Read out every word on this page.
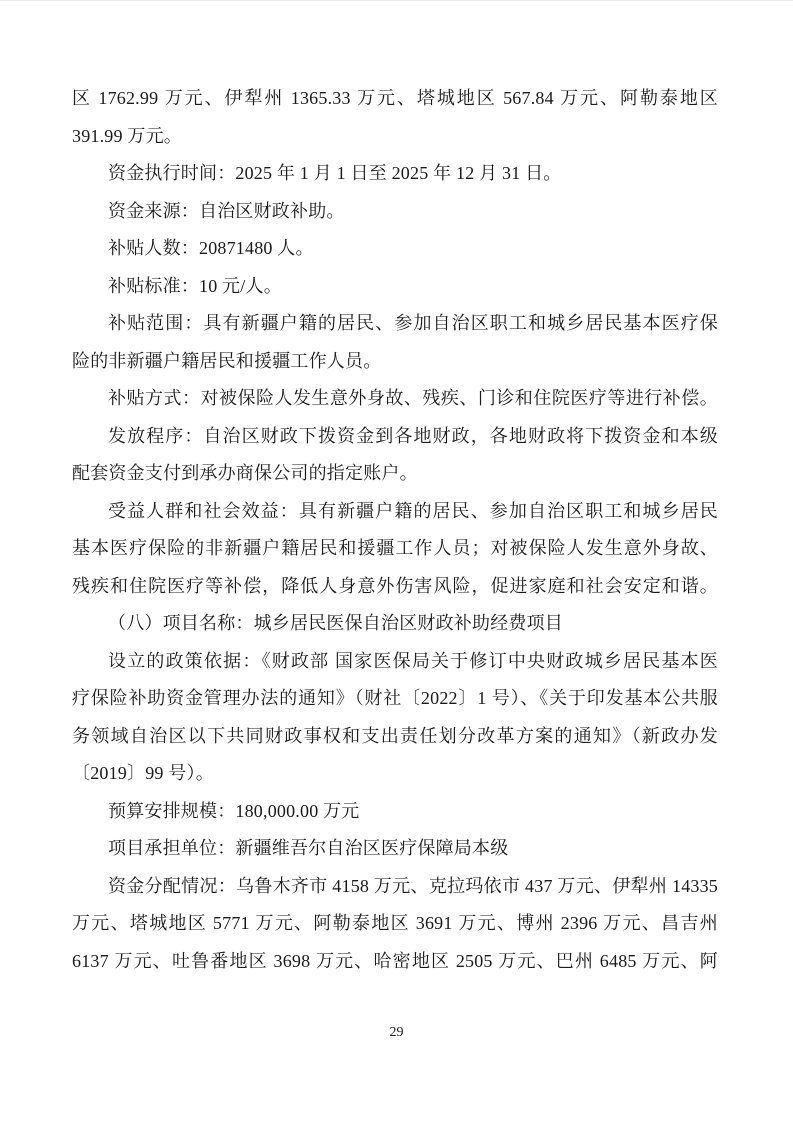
区 1762.99 万元、伊犁州 1365.33 万元、塔城地区 567.84 万元、阿勒泰地区
391.99 万元。
资金执行时间：2025 年 1 月 1 日至 2025 年 12 月 31 日。
资金来源：自治区财政补助。
补贴人数：20871480 人。
补贴标准：10 元/人。
补贴范围：具有新疆户籍的居民、参加自治区职工和城乡居民基本医疗保
险的非新疆户籍居民和援疆工作人员。
补贴方式：对被保险人发生意外身故、残疾、门诊和住院医疗等进行补偿。
发放程序：自治区财政下拨资金到各地财政，各地财政将下拨资金和本级
配套资金支付到承办商保公司的指定账户。
受益人群和社会效益：具有新疆户籍的居民、参加自治区职工和城乡居民
基本医疗保险的非新疆户籍居民和援疆工作人员；对被保险人发生意外身故、
残疾和住院医疗等补偿，降低人身意外伤害风险，促进家庭和社会安定和谐。
（八）项目名称：城乡居民医保自治区财政补助经费项目
设立的政策依据：《财政部 国家医保局关于修订中央财政城乡居民基本医
疗保险补助资金管理办法的通知》（财社〔2022〕1 号）、《关于印发基本公共服
务领域自治区以下共同财政事权和支出责任划分改革方案的通知》（新政办发
〔2019〕99 号）。
预算安排规模：180,000.00 万元
项目承担单位：新疆维吾尔自治区医疗保障局本级
资金分配情况：乌鲁木齐市 4158 万元、克拉玛依市 437 万元、伊犁州 14335
万元、塔城地区 5771 万元、阿勒泰地区 3691 万元、博州 2396 万元、昌吉州
6137 万元、吐鲁番地区 3698 万元、哈密地区 2505 万元、巴州 6485 万元、阿
29
